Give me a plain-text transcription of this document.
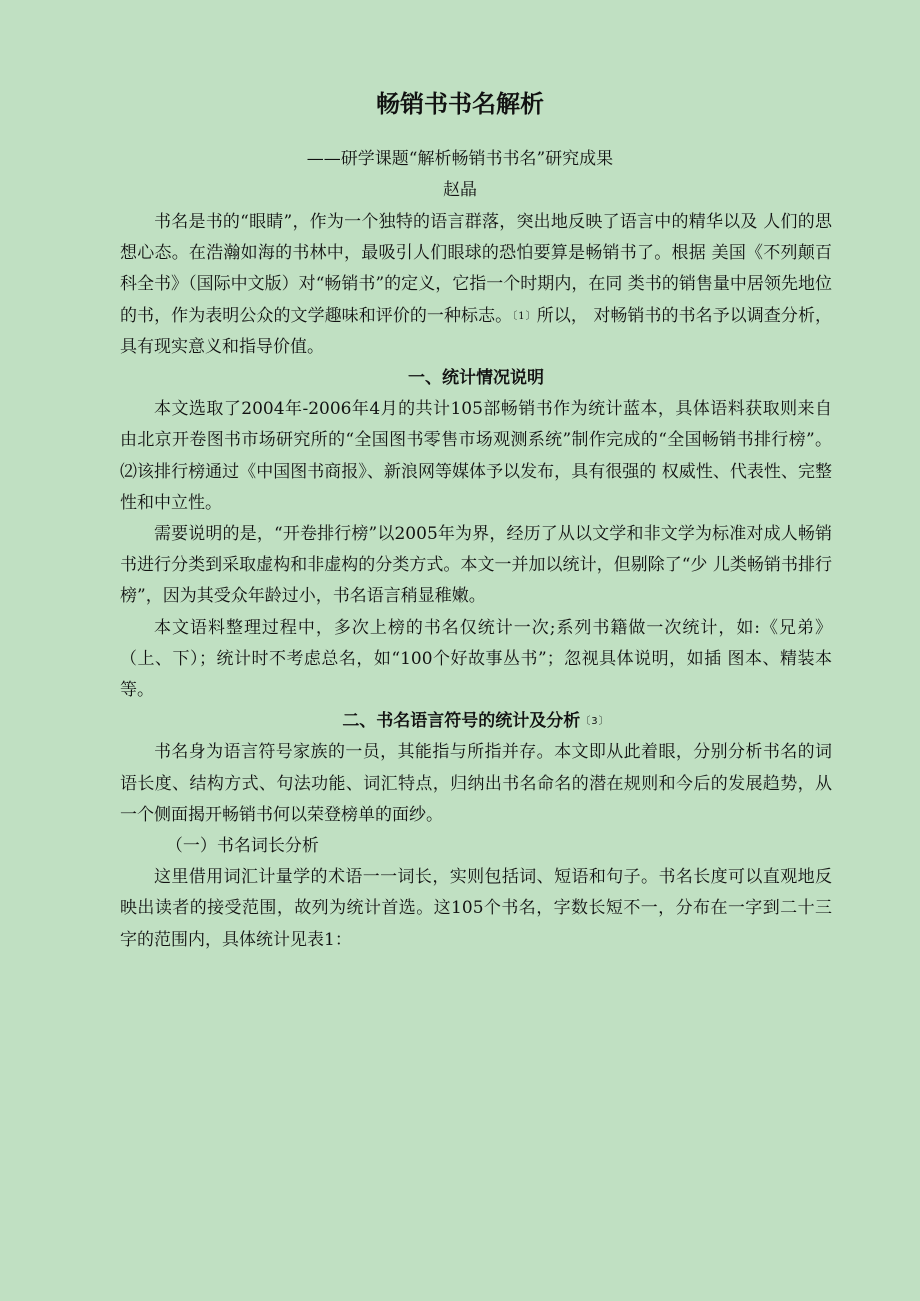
畅销书书名解析
——研学课题“解析畅销书书名”研究成果
赵晶

书名是书的“眼睛”，作为一个独特的语言群落，突出地反映了语言中的精华以及 人们的思想心态。在浩瀚如海的书林中，最吸引人们眼球的恐怕要算是畅销书了。根据 美国《不列颠百科全书》（国际中文版）对“畅销书”的定义，它指一个时期内，在同 类书的销售量中居领先地位的书，作为表明公众的文学趣味和评价的一种标志。〔1〕所以， 对畅销书的书名予以调查分析，具有现实意义和指导价值。

一、统计情况说明

本文选取了2004年-2006年4月的共计105部畅销书作为统计蓝本，具体语料获取则来自由北京开卷图书市场研究所的“全国图书零售市场观测系统”制作完成的“全国畅销书排行榜”。⑵该排行榜通过《中国图书商报》、新浪网等媒体予以发布，具有很强的 权威性、代表性、完整性和中立性。

需要说明的是，“开卷排行榜”以2005年为界，经历了从以文学和非文学为标准对成人畅销书进行分类到采取虚构和非虚构的分类方式。本文一并加以统计，但剔除了“少 儿类畅销书排行榜”，因为其受众年龄过小，书名语言稍显稚嫩。

本文语料整理过程中，多次上榜的书名仅统计一次;系列书籍做一次统计，如:《兄弟》（上、下）；统计时不考虑总名，如“100个好故事丛书”；忽视具体说明，如插 图本、精装本等。

二、书名语言符号的统计及分析〔3〕

书名身为语言符号家族的一员，其能指与所指并存。本文即从此着眼，分别分析书名的词语长度、结构方式、句法功能、词汇特点，归纳出书名命名的潜在规则和今后的发展趋势，从一个侧面揭开畅销书何以荣登榜单的面纱。

（一）书名词长分析

这里借用词汇计量学的术语一一词长，实则包括词、短语和句子。书名长度可以直观地反映出读者的接受范围，故列为统计首选。这105个书名，字数长短不一，分布在一字到二十三字的范围内，具体统计见表1：
